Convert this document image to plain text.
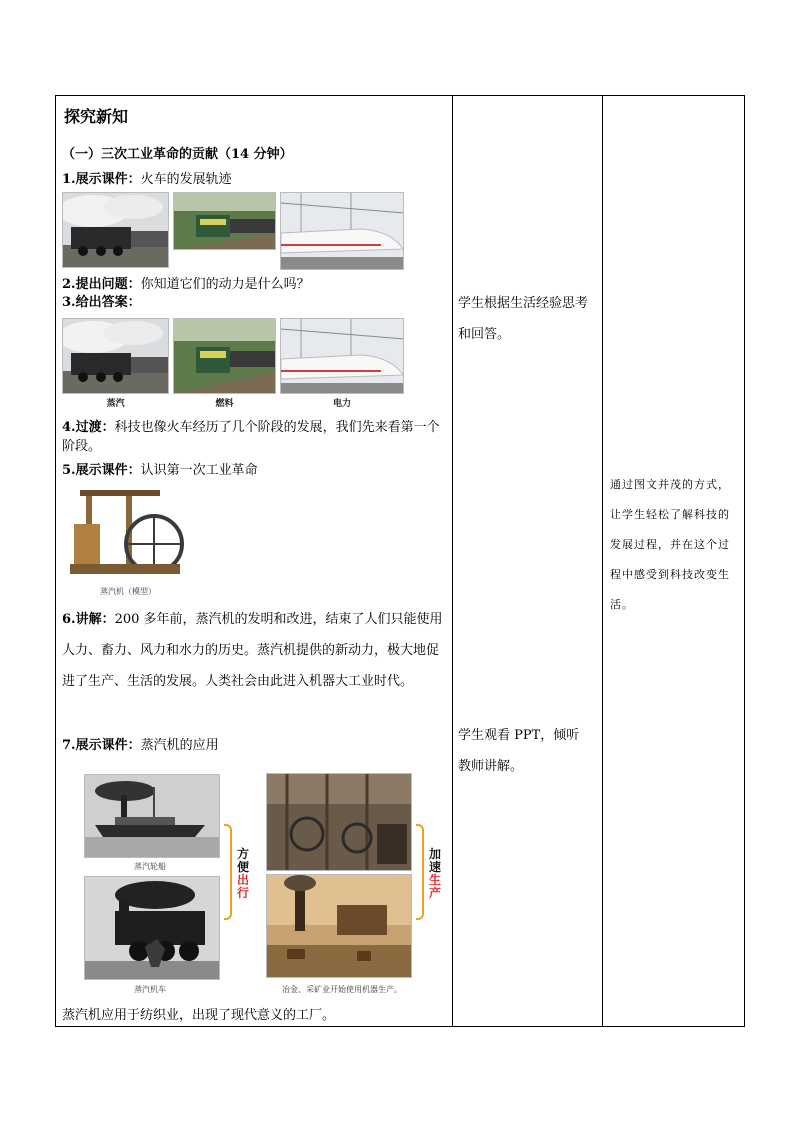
探究新知
（一）三次工业革命的贡献（14 分钟）
1.展示课件：火车的发展轨迹
2.提出问题：你知道它们的动力是什么吗？
3.给出答案：
蒸汽	燃料	电力
4.过渡：科技也像火车经历了几个阶段的发展，我们先来看第一个阶段。
5.展示课件：认识第一次工业革命
蒸汽机（模型）
6.讲解：200 多年前，蒸汽机的发明和改进，结束了人们只能使用人力、畜力、风力和水力的历史。蒸汽机提供的新动力，极大地促进了生产、生活的发展。人类社会由此进入机器大工业时代。
7.展示课件：蒸汽机的应用
蒸汽轮船
蒸汽机车
方便
出行
冶金、采矿业开始使用机器生产。
加速
生产
蒸汽机应用于纺织业，出现了现代意义的工厂。
学生根据生活经验思考和回答。
学生观看 PPT，倾听教师讲解。
通过图文并茂的方式，让学生轻松了解科技的发展过程，并在这个过程中感受到科技改变生活。
